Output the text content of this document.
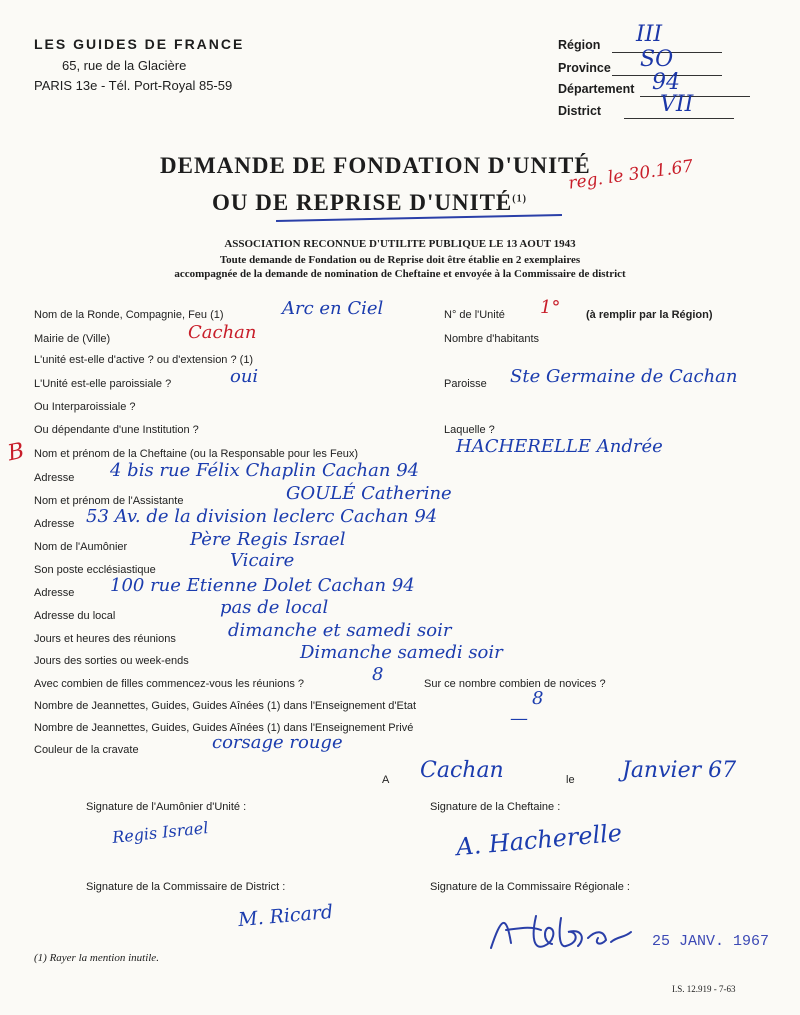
LES GUIDES DE FRANCE
65, rue de la Glacière
PARIS 13e - Tél. Port-Royal 85-59
Région III
Province SO
Département 94
District	VII
DEMANDE DE FONDATION D'UNITÉ
OU DE REPRISE D'UNITÉ$^{(1)}$
reg. le 30.1.67
ASSOCIATION RECONNUE D'UTILITE PUBLIQUE LE 13 AOUT 1943
Toute demande de Fondation ou de Reprise doit être établie en 2 exemplaires
accompagnée de la demande de nomination de Cheftaine et envoyée à la Commissaire de district
Nom de la Ronde, Compagnie, Feu (1)	Arc en Ciel	N° de l'Unité 1° (à remplir par la Région)
Mairie de (Ville)	Cachan	Nombre d'habitants
L'unité est-elle d'active ? ou d'extension ? (1)
L'Unité est-elle paroissiale ?	oui	Paroisse Ste Germaine de Cachan
Ou Interparoissiale ?
Ou dépendante d'une Institution ?	Laquelle ?
B Nom et prénom de la Cheftaine (ou la Responsable pour les Feux)	HACHERELLE Andrée
Adresse 4 bis rue Félix Chaplin Cachan 94
Nom et prénom de l'Assistante	GOULÉ Catherine
Adresse 53 Av. de la division leclerc Cachan 94
Nom de l'Aumônier	Père Regis Israel
Son poste ecclésiastique	Vicaire
Adresse 100 rue Etienne Dolet Cachan 94
Adresse du local	pas de local
Jours et heures des réunions	dimanche et samedi soir
Jours des sorties ou week-ends	Dimanche samedi soir
Avec combien de filles commencez-vous les réunions ?	8	Sur ce nombre combien de novices ?
Nombre de Jeannettes, Guides, Guides Aînées (1) dans l'Enseignement d'Etat	8
Nombre de Jeannettes, Guides, Guides Aînées (1) dans l'Enseignement Privé	—
Couleur de la cravate	corsage rouge
A Cachan	le Janvier 67
Signature de l'Aumônier d'Unité :
Regis Israel
Signature de la Cheftaine :
A. Hacherelle
Signature de la Commissaire de District :
M. Ricard
Signature de la Commissaire Régionale :
25 JANV. 1967
(1) Rayer la mention inutile.
I.S. 12.919 - 7-63
